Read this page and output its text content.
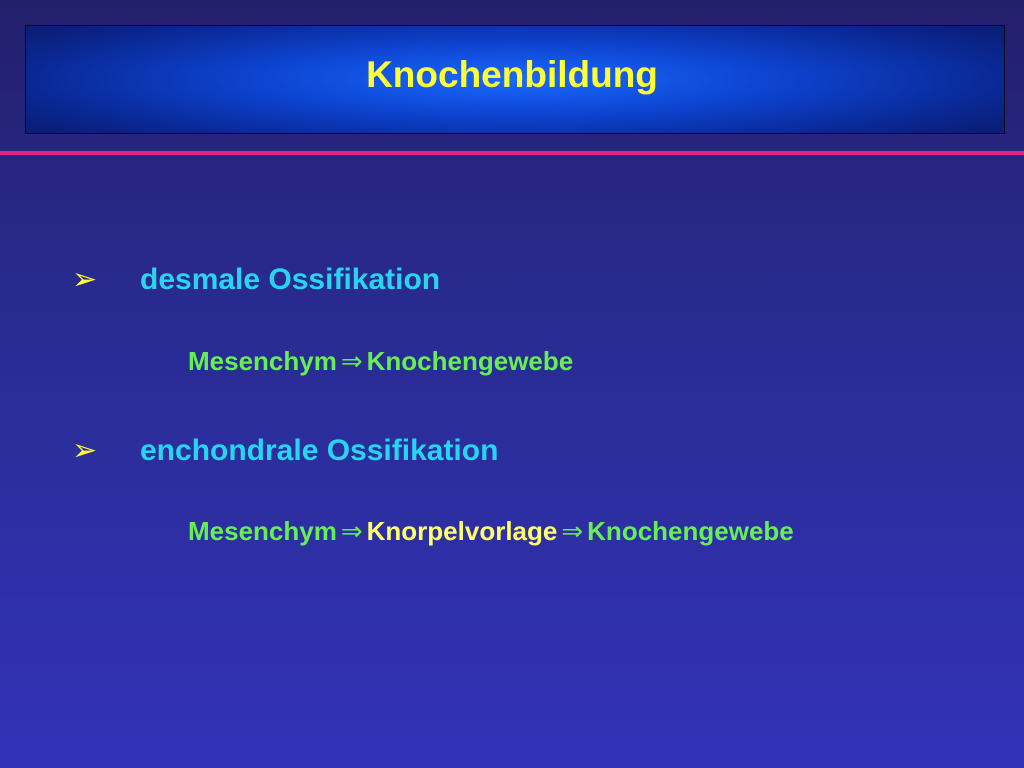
Knochenbildung
➢ desmale Ossifikation
Mesenchym ⇒ Knochengewebe
➢ enchondrale Ossifikation
Mesenchym ⇒ Knorpelvorlage ⇒ Knochengewebe
